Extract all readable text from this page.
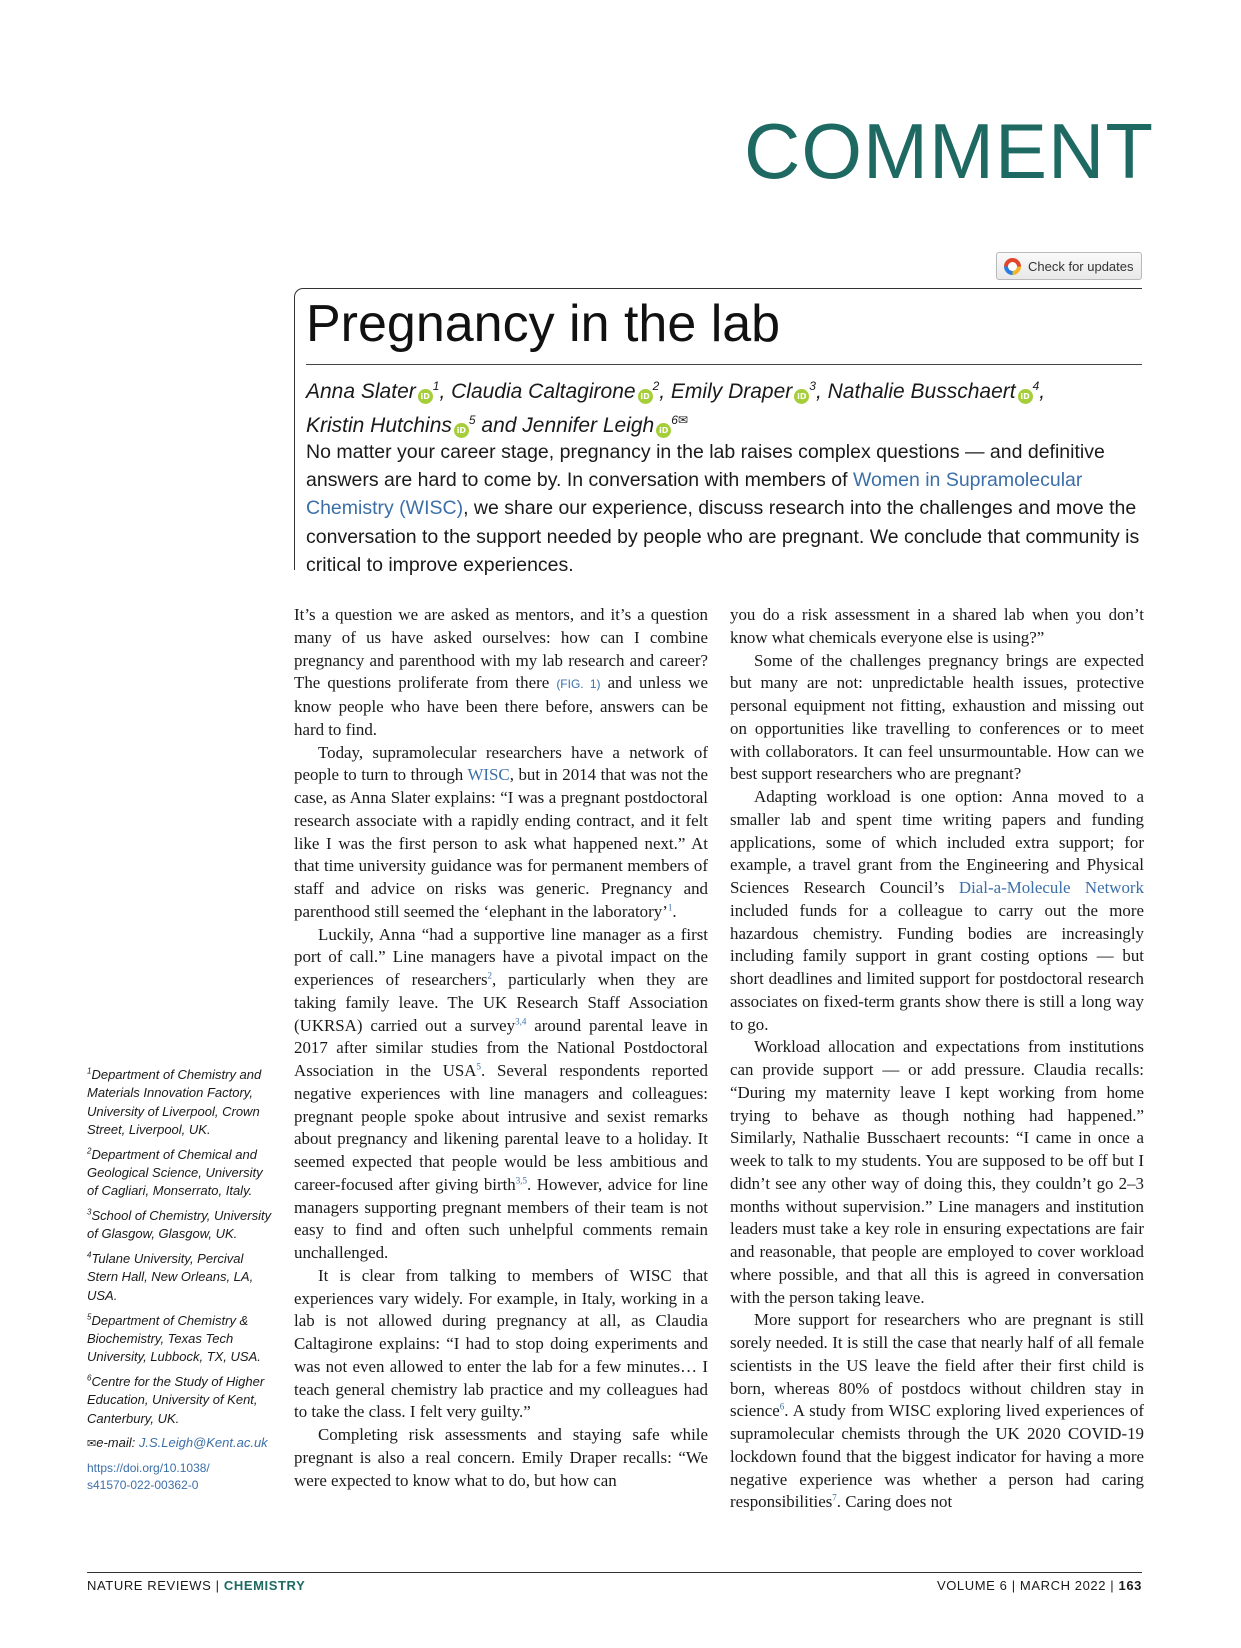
COMMENT
Check for updates
Pregnancy in the lab
Anna Slater $iD^1$, Claudia Caltagirone $iD^2$, Emily Draper $iD^3$, Nathalie Busschaert $iD^4$,
Kristin Hutchins $iD^5$ and Jennifer Leigh $iD^{6✉}$
No matter your career stage, pregnancy in the lab raises complex questions — and definitive answers are hard to come by. In conversation with members of Women in Supramolecular Chemistry (WISC), we share our experience, discuss research into the challenges and move the conversation to the support needed by people who are pregnant. We conclude that community is critical to improve experiences.

It’s a question we are asked as mentors, and it’s a question many of us have asked ourselves: how can I combine pregnancy and parenthood with my lab research and career? The questions proliferate from there (FIG. 1) and unless we know people who have been there before, answers can be hard to find.

Today, supramolecular researchers have a network of people to turn to through WISC, but in 2014 that was not the case, as Anna Slater explains: “I was a pregnant postdoctoral research associate with a rapidly ending contract, and it felt like I was the first person to ask what happened next.” At that time university guidance was for permanent members of staff and advice on risks was generic. Pregnancy and parenthood still seemed the ‘elephant in the laboratory’$^1$.

Luckily, Anna “had a supportive line manager as a first port of call.” Line managers have a pivotal impact on the experiences of researchers$^2$, particularly when they are taking family leave. The UK Research Staff Association (UKRSA) carried out a survey$^{3,4}$ around parental leave in 2017 after similar studies from the National Postdoctoral Association in the USA$^5$. Several respondents reported negative experiences with line managers and colleagues: pregnant people spoke about intrusive and sexist remarks about pregnancy and likening parental leave to a holiday. It seemed expected that people would be less ambitious and career-focused after giving birth$^{3,5}$. However, advice for line managers supporting pregnant members of their team is not easy to find and often such unhelpful comments remain unchallenged.

It is clear from talking to members of WISC that experiences vary widely. For example, in Italy, working in a lab is not allowed during pregnancy at all, as Claudia Caltagirone explains: “I had to stop doing experiments and was not even allowed to enter the lab for a few minutes… I teach general chemistry lab practice and my colleagues had to take the class. I felt very guilty.”

Completing risk assessments and staying safe while pregnant is also a real concern. Emily Draper recalls: “We were expected to know what to do, but how can

you do a risk assessment in a shared lab when you don’t know what chemicals everyone else is using?”

Some of the challenges pregnancy brings are expected but many are not: unpredictable health issues, protective personal equipment not fitting, exhaustion and missing out on opportunities like travelling to conferences or to meet with collaborators. It can feel unsurmountable. How can we best support researchers who are pregnant?

Adapting workload is one option: Anna moved to a smaller lab and spent time writing papers and funding applications, some of which included extra support; for example, a travel grant from the Engineering and Physical Sciences Research Council’s Dial-a-Molecule Network included funds for a colleague to carry out the more hazardous chemistry. Funding bodies are increasingly including family support in grant costing options — but short deadlines and limited support for postdoctoral research associates on fixed-term grants show there is still a long way to go.

Workload allocation and expectations from institutions can provide support — or add pressure. Claudia recalls: “During my maternity leave I kept working from home trying to behave as though nothing had happened.” Similarly, Nathalie Busschaert recounts: “I came in once a week to talk to my students. You are supposed to be off but I didn’t see any other way of doing this, they couldn’t go 2–3 months without supervision.” Line managers and institution leaders must take a key role in ensuring expectations are fair and reasonable, that people are employed to cover workload where possible, and that all this is agreed in conversation with the person taking leave.

More support for researchers who are pregnant is still sorely needed. It is still the case that nearly half of all female scientists in the US leave the field after their first child is born, whereas 80% of postdocs without children stay in science$^6$. A study from WISC exploring lived experiences of supramolecular chemists through the UK 2020 COVID-19 lockdown found that the biggest indicator for having a more negative experience was whether a person had caring responsibilities$^7$. Caring does not

$^1$Department of Chemistry and Materials Innovation Factory, University of Liverpool, Crown Street, Liverpool, UK.
$^2$Department of Chemical and Geological Science, University of Cagliari, Monserrato, Italy.
$^3$School of Chemistry, University of Glasgow, Glasgow, UK.
$^4$Tulane University, Percival Stern Hall, New Orleans, LA, USA.
$^5$Department of Chemistry & Biochemistry, Texas Tech University, Lubbock, TX, USA.
$^6$Centre for the Study of Higher Education, University of Kent, Canterbury, UK.
✉e-mail: J.S.Leigh@Kent.ac.uk
https://doi.org/10.1038/
s41570-022-00362-0
NATURE REVIEWS | CHEMISTRY	VOLUME 6 | MARCH 2022 | 163
